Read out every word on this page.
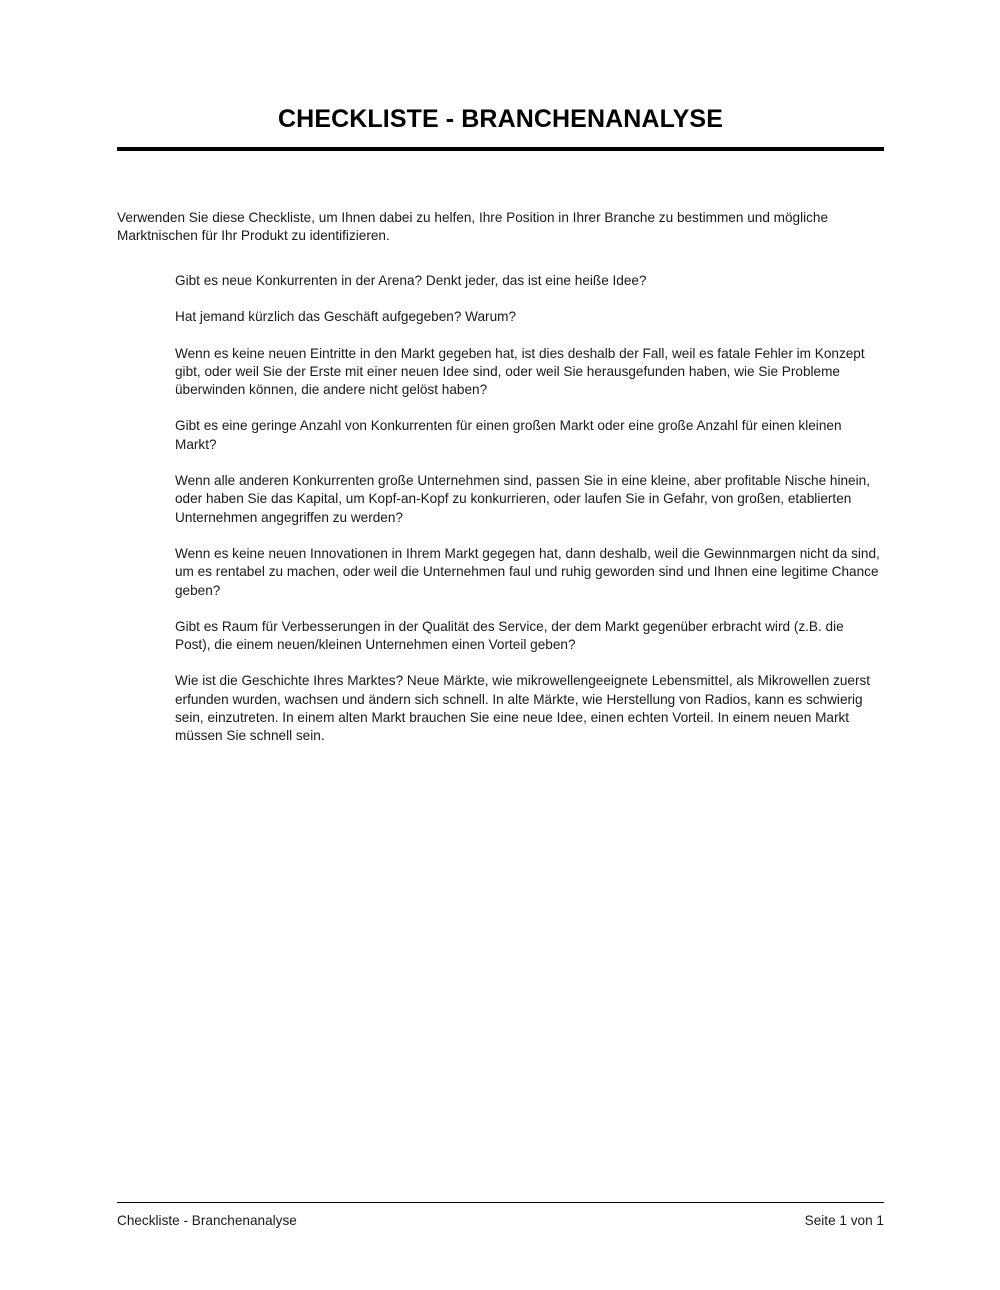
CHECKLISTE - BRANCHENANALYSE

Verwenden Sie diese Checkliste, um Ihnen dabei zu helfen, Ihre Position in Ihrer Branche zu bestimmen und mögliche Marktnischen für Ihr Produkt zu identifizieren.

Gibt es neue Konkurrenten in der Arena? Denkt jeder, das ist eine heiße Idee?
Hat jemand kürzlich das Geschäft aufgegeben? Warum?
Wenn es keine neuen Eintritte in den Markt gegeben hat, ist dies deshalb der Fall, weil es fatale Fehler im Konzept gibt, oder weil Sie der Erste mit einer neuen Idee sind, oder weil Sie herausgefunden haben, wie Sie Probleme überwinden können, die andere nicht gelöst haben?
Gibt es eine geringe Anzahl von Konkurrenten für einen großen Markt oder eine große Anzahl für einen kleinen Markt?
Wenn alle anderen Konkurrenten große Unternehmen sind, passen Sie in eine kleine, aber profitable Nische hinein, oder haben Sie das Kapital, um Kopf-an-Kopf zu konkurrieren, oder laufen Sie in Gefahr, von großen, etablierten Unternehmen angegriffen zu werden?
Wenn es keine neuen Innovationen in Ihrem Markt gegegen hat, dann deshalb, weil die Gewinnmargen nicht da sind, um es rentabel zu machen, oder weil die Unternehmen faul und ruhig geworden sind und Ihnen eine legitime Chance geben?
Gibt es Raum für Verbesserungen in der Qualität des Service, der dem Markt gegenüber erbracht wird (z.B. die Post), die einem neuen/kleinen Unternehmen einen Vorteil geben?
Wie ist die Geschichte Ihres Marktes? Neue Märkte, wie mikrowellengeeignete Lebensmittel, als Mikrowellen zuerst erfunden wurden, wachsen und ändern sich schnell. In alte Märkte, wie Herstellung von Radios, kann es schwierig sein, einzutreten. In einem alten Markt brauchen Sie eine neue Idee, einen echten Vorteil. In einem neuen Markt müssen Sie schnell sein.
Checkliste - Branchenanalyse	Seite 1 von 1
